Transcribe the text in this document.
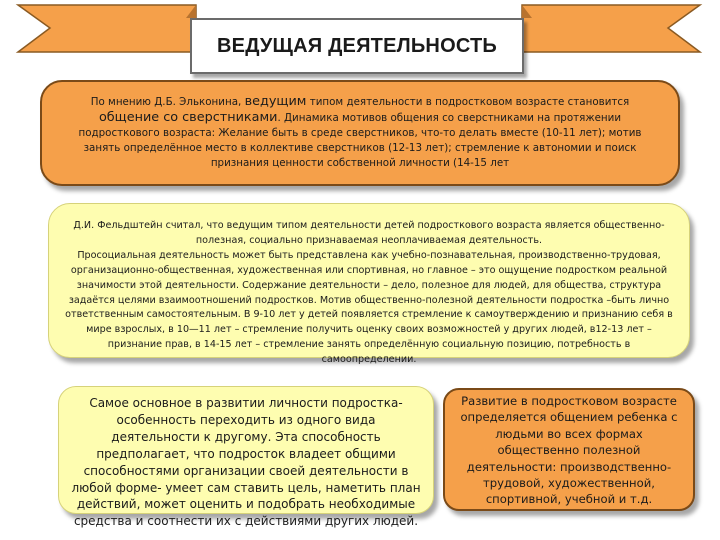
ВЕДУЩАЯ ДЕЯТЕЛЬНОСТЬ

По мнению Д.Б. Эльконина, ведущим типом деятельности в подростковом возрасте становится общение со сверстниками. Динамика мотивов общения со сверстниками на протяжении подросткового возраста: Желание быть в среде сверстников, что-то делать вместе (10-11 лет); мотив занять определённое место в коллективе сверстников (12-13 лет); стремление к автономии и поиск признания ценности собственной личности (14-15 лет

Д.И. Фельдштейн считал, что ведущим типом деятельности детей подросткового возраста является общественно-полезная, социально признаваемая неоплачиваемая деятельность.

Просоциальная деятельность может быть представлена как учебно-познавательная, производственно-трудовая, организационно-общественная, художественная или спортивная, но главное – это ощущение подростком реальной значимости этой деятельности. Содержание деятельности – дело, полезное для людей, для общества, структура задаётся целями взаимоотношений подростков. Мотив общественно-полезной деятельности подростка –быть лично ответственным самостоятельным. В 9-10 лет у детей появляется стремление к самоутверждению и признанию себя в мире взрослых, в 10—11 лет – стремление получить оценку своих возможностей у других людей, в12-13 лет – признание прав, в 14-15 лет – стремление занять определённую социальную позицию, потребность в самоопределении.

Самое основное в развитии личности подростка- особенность переходить из одного вида деятельности к другому. Эта способность предполагает, что подросток владеет общими способностями организации своей деятельности в любой форме- умеет сам ставить цель, наметить план действий, может оценить и подобрать необходимые средства и соотнести их с действиями других людей.

Развитие в подростковом возрасте определяется общением ребенка с людьми во всех формах общественно полезной деятельности: производственно- трудовой, художественной, спортивной, учебной и т.д.
